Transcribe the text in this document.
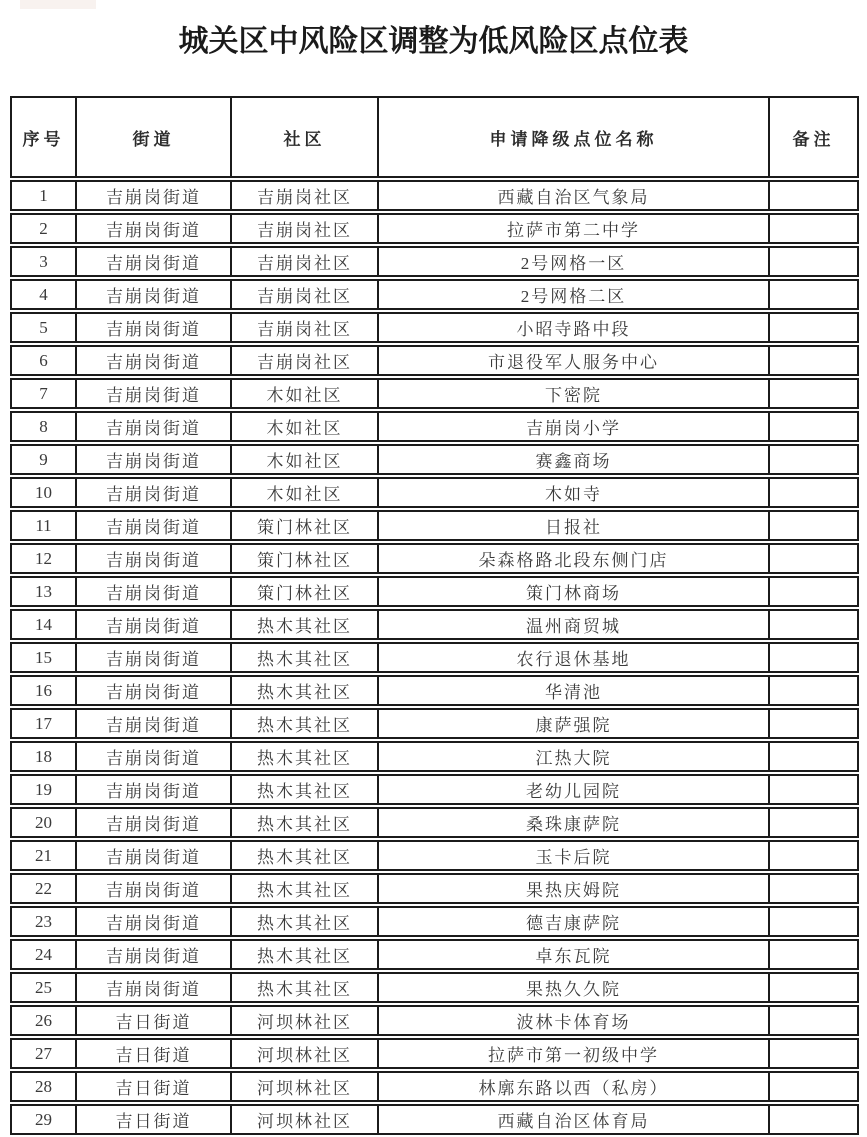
城关区中风险区调整为低风险区点位表
序号	街道	社区	申请降级点位名称	备注
1	吉崩岗街道	吉崩岗社区	西藏自治区气象局	
2	吉崩岗街道	吉崩岗社区	拉萨市第二中学	
3	吉崩岗街道	吉崩岗社区	2号网格一区	
4	吉崩岗街道	吉崩岗社区	2号网格二区	
5	吉崩岗街道	吉崩岗社区	小昭寺路中段	
6	吉崩岗街道	吉崩岗社区	市退役军人服务中心	
7	吉崩岗街道	木如社区	下密院	
8	吉崩岗街道	木如社区	吉崩岗小学	
9	吉崩岗街道	木如社区	赛鑫商场	
10	吉崩岗街道	木如社区	木如寺	
11	吉崩岗街道	策门林社区	日报社	
12	吉崩岗街道	策门林社区	朵森格路北段东侧门店	
13	吉崩岗街道	策门林社区	策门林商场	
14	吉崩岗街道	热木其社区	温州商贸城	
15	吉崩岗街道	热木其社区	农行退休基地	
16	吉崩岗街道	热木其社区	华清池	
17	吉崩岗街道	热木其社区	康萨强院	
18	吉崩岗街道	热木其社区	江热大院	
19	吉崩岗街道	热木其社区	老幼儿园院	
20	吉崩岗街道	热木其社区	桑珠康萨院	
21	吉崩岗街道	热木其社区	玉卡后院	
22	吉崩岗街道	热木其社区	果热庆姆院	
23	吉崩岗街道	热木其社区	德吉康萨院	
24	吉崩岗街道	热木其社区	卓东瓦院	
25	吉崩岗街道	热木其社区	果热久久院	
26	吉日街道	河坝林社区	波林卡体育场	
27	吉日街道	河坝林社区	拉萨市第一初级中学	
28	吉日街道	河坝林社区	林廓东路以西（私房）	
29	吉日街道	河坝林社区	西藏自治区体育局	
